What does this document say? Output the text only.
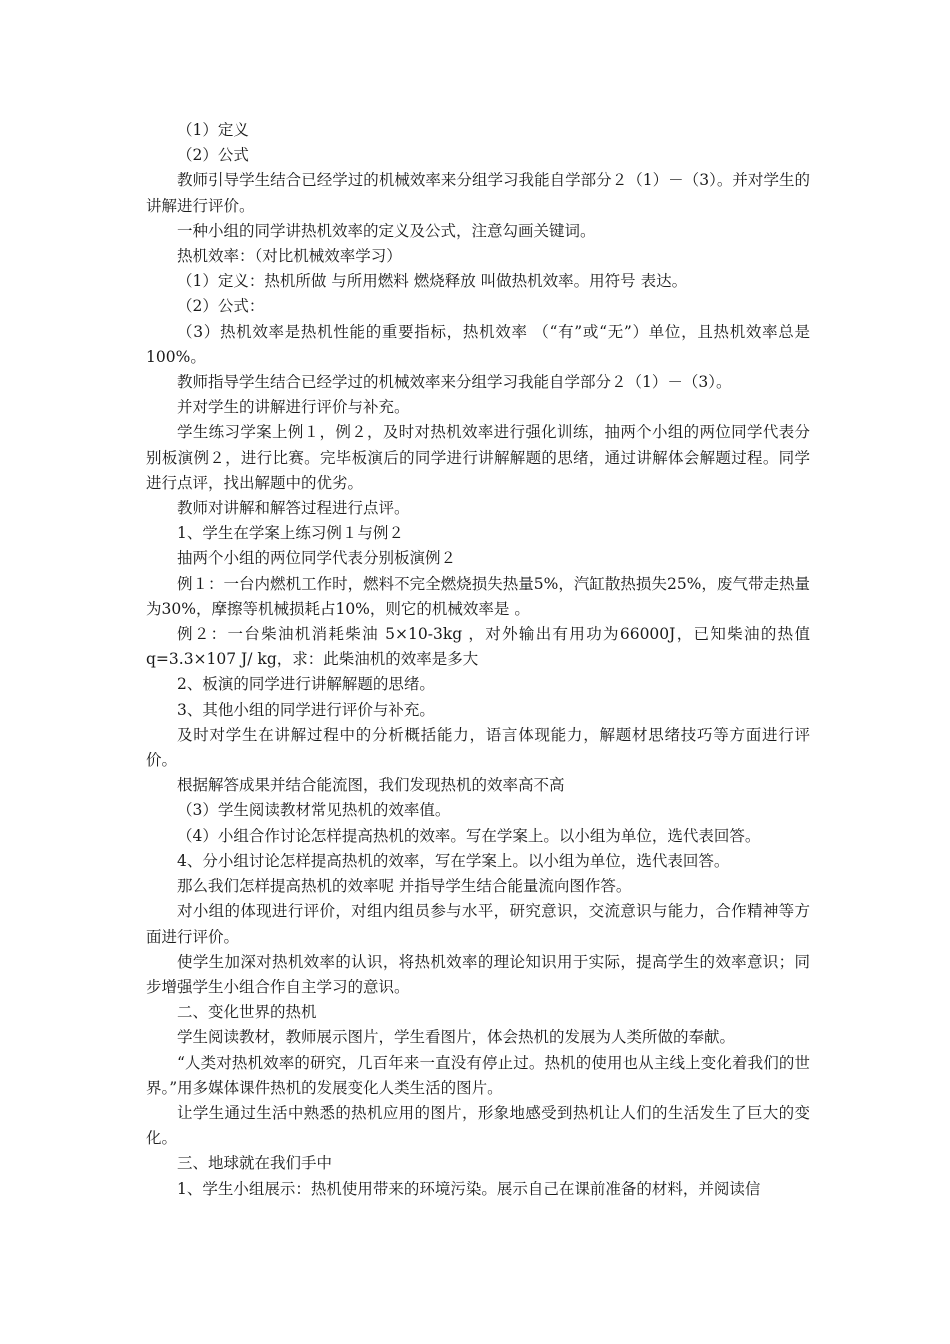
（1）定义

（2）公式

教师引导学生结合已经学过的机械效率来分组学习我能自学部分２（1）－（3）。并对学生的讲解进行评价。

一种小组的同学讲热机效率的定义及公式，注意勾画关键词。

热机效率：（对比机械效率学习）

（1）定义：热机所做 与所用燃料 燃烧释放 叫做热机效率。用符号 表达。

（2）公式：

（3）热机效率是热机性能的重要指标，热机效率 （“有”或“无”）单位，且热机效率总是 100%。

教师指导学生结合已经学过的机械效率来分组学习我能自学部分２（1）－（3）。

并对学生的讲解进行评价与补充。

学生练习学案上例１，例２，及时对热机效率进行强化训练，抽两个小组的两位同学代表分别板演例２，进行比赛。完毕板演后的同学进行讲解解题的思绪，通过讲解体会解题过程。同学进行点评，找出解题中的优劣。

教师对讲解和解答过程进行点评。

1、学生在学案上练习例１与例２

抽两个小组的两位同学代表分别板演例２

例１：一台内燃机工作时，燃料不完全燃烧损失热量5%，汽缸散热损失25%，废气带走热量为30%，摩擦等机械损耗占10%，则它的机械效率是 。

例２：一台柴油机消耗柴油 5×10-3kg ，对外输出有用功为66000J，已知柴油的热值q=3.3×107 J/ kg，求：此柴油机的效率是多大

2、板演的同学进行讲解解题的思绪。

3、其他小组的同学进行评价与补充。

及时对学生在讲解过程中的分析概括能力，语言体现能力，解题材思绪技巧等方面进行评价。

根据解答成果并结合能流图，我们发现热机的效率高不高

（3）学生阅读教材常见热机的效率值。

（4）小组合作讨论怎样提高热机的效率。写在学案上。以小组为单位，选代表回答。

4、分小组讨论怎样提高热机的效率，写在学案上。以小组为单位，选代表回答。

那么我们怎样提高热机的效率呢 并指导学生结合能量流向图作答。

对小组的体现进行评价，对组内组员参与水平，研究意识，交流意识与能力，合作精神等方面进行评价。

使学生加深对热机效率的认识，将热机效率的理论知识用于实际，提高学生的效率意识；同步增强学生小组合作自主学习的意识。

二、变化世界的热机

学生阅读教材，教师展示图片，学生看图片，体会热机的发展为人类所做的奉献。

“人类对热机效率的研究，几百年来一直没有停止过。热机的使用也从主线上变化着我们的世界。”用多媒体课件热机的发展变化人类生活的图片。

让学生通过生活中熟悉的热机应用的图片，形象地感受到热机让人们的生活发生了巨大的变化。

三、地球就在我们手中

1、学生小组展示：热机使用带来的环境污染。展示自己在课前准备的材料，并阅读信
